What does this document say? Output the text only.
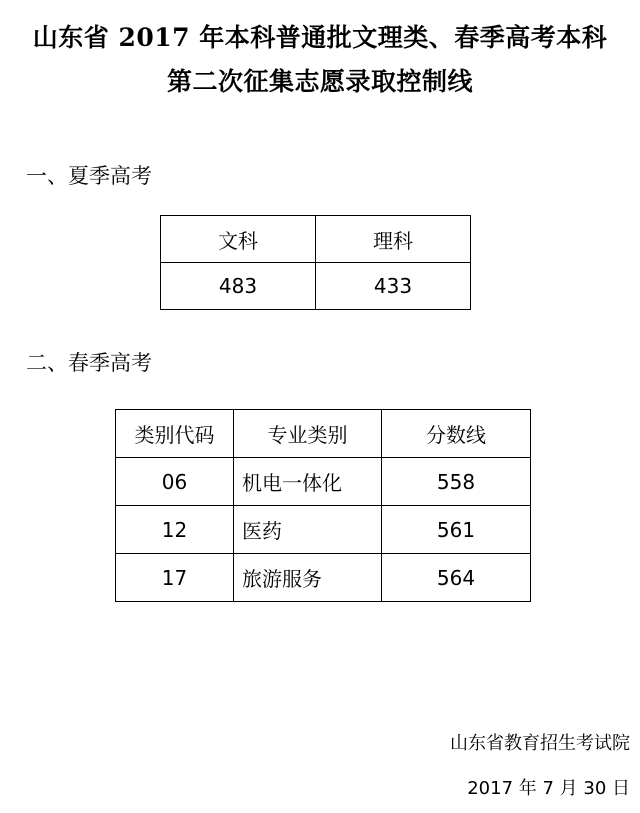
山东省 2017 年本科普通批文理类、春季高考本科
第二次征集志愿录取控制线
一、夏季高考
文科	理科
483	433
二、春季高考
类别代码	专业类别	分数线
06	机电一体化	558
12	医药	561
17	旅游服务	564
山东省教育招生考试院
2017 年 7 月 30 日
